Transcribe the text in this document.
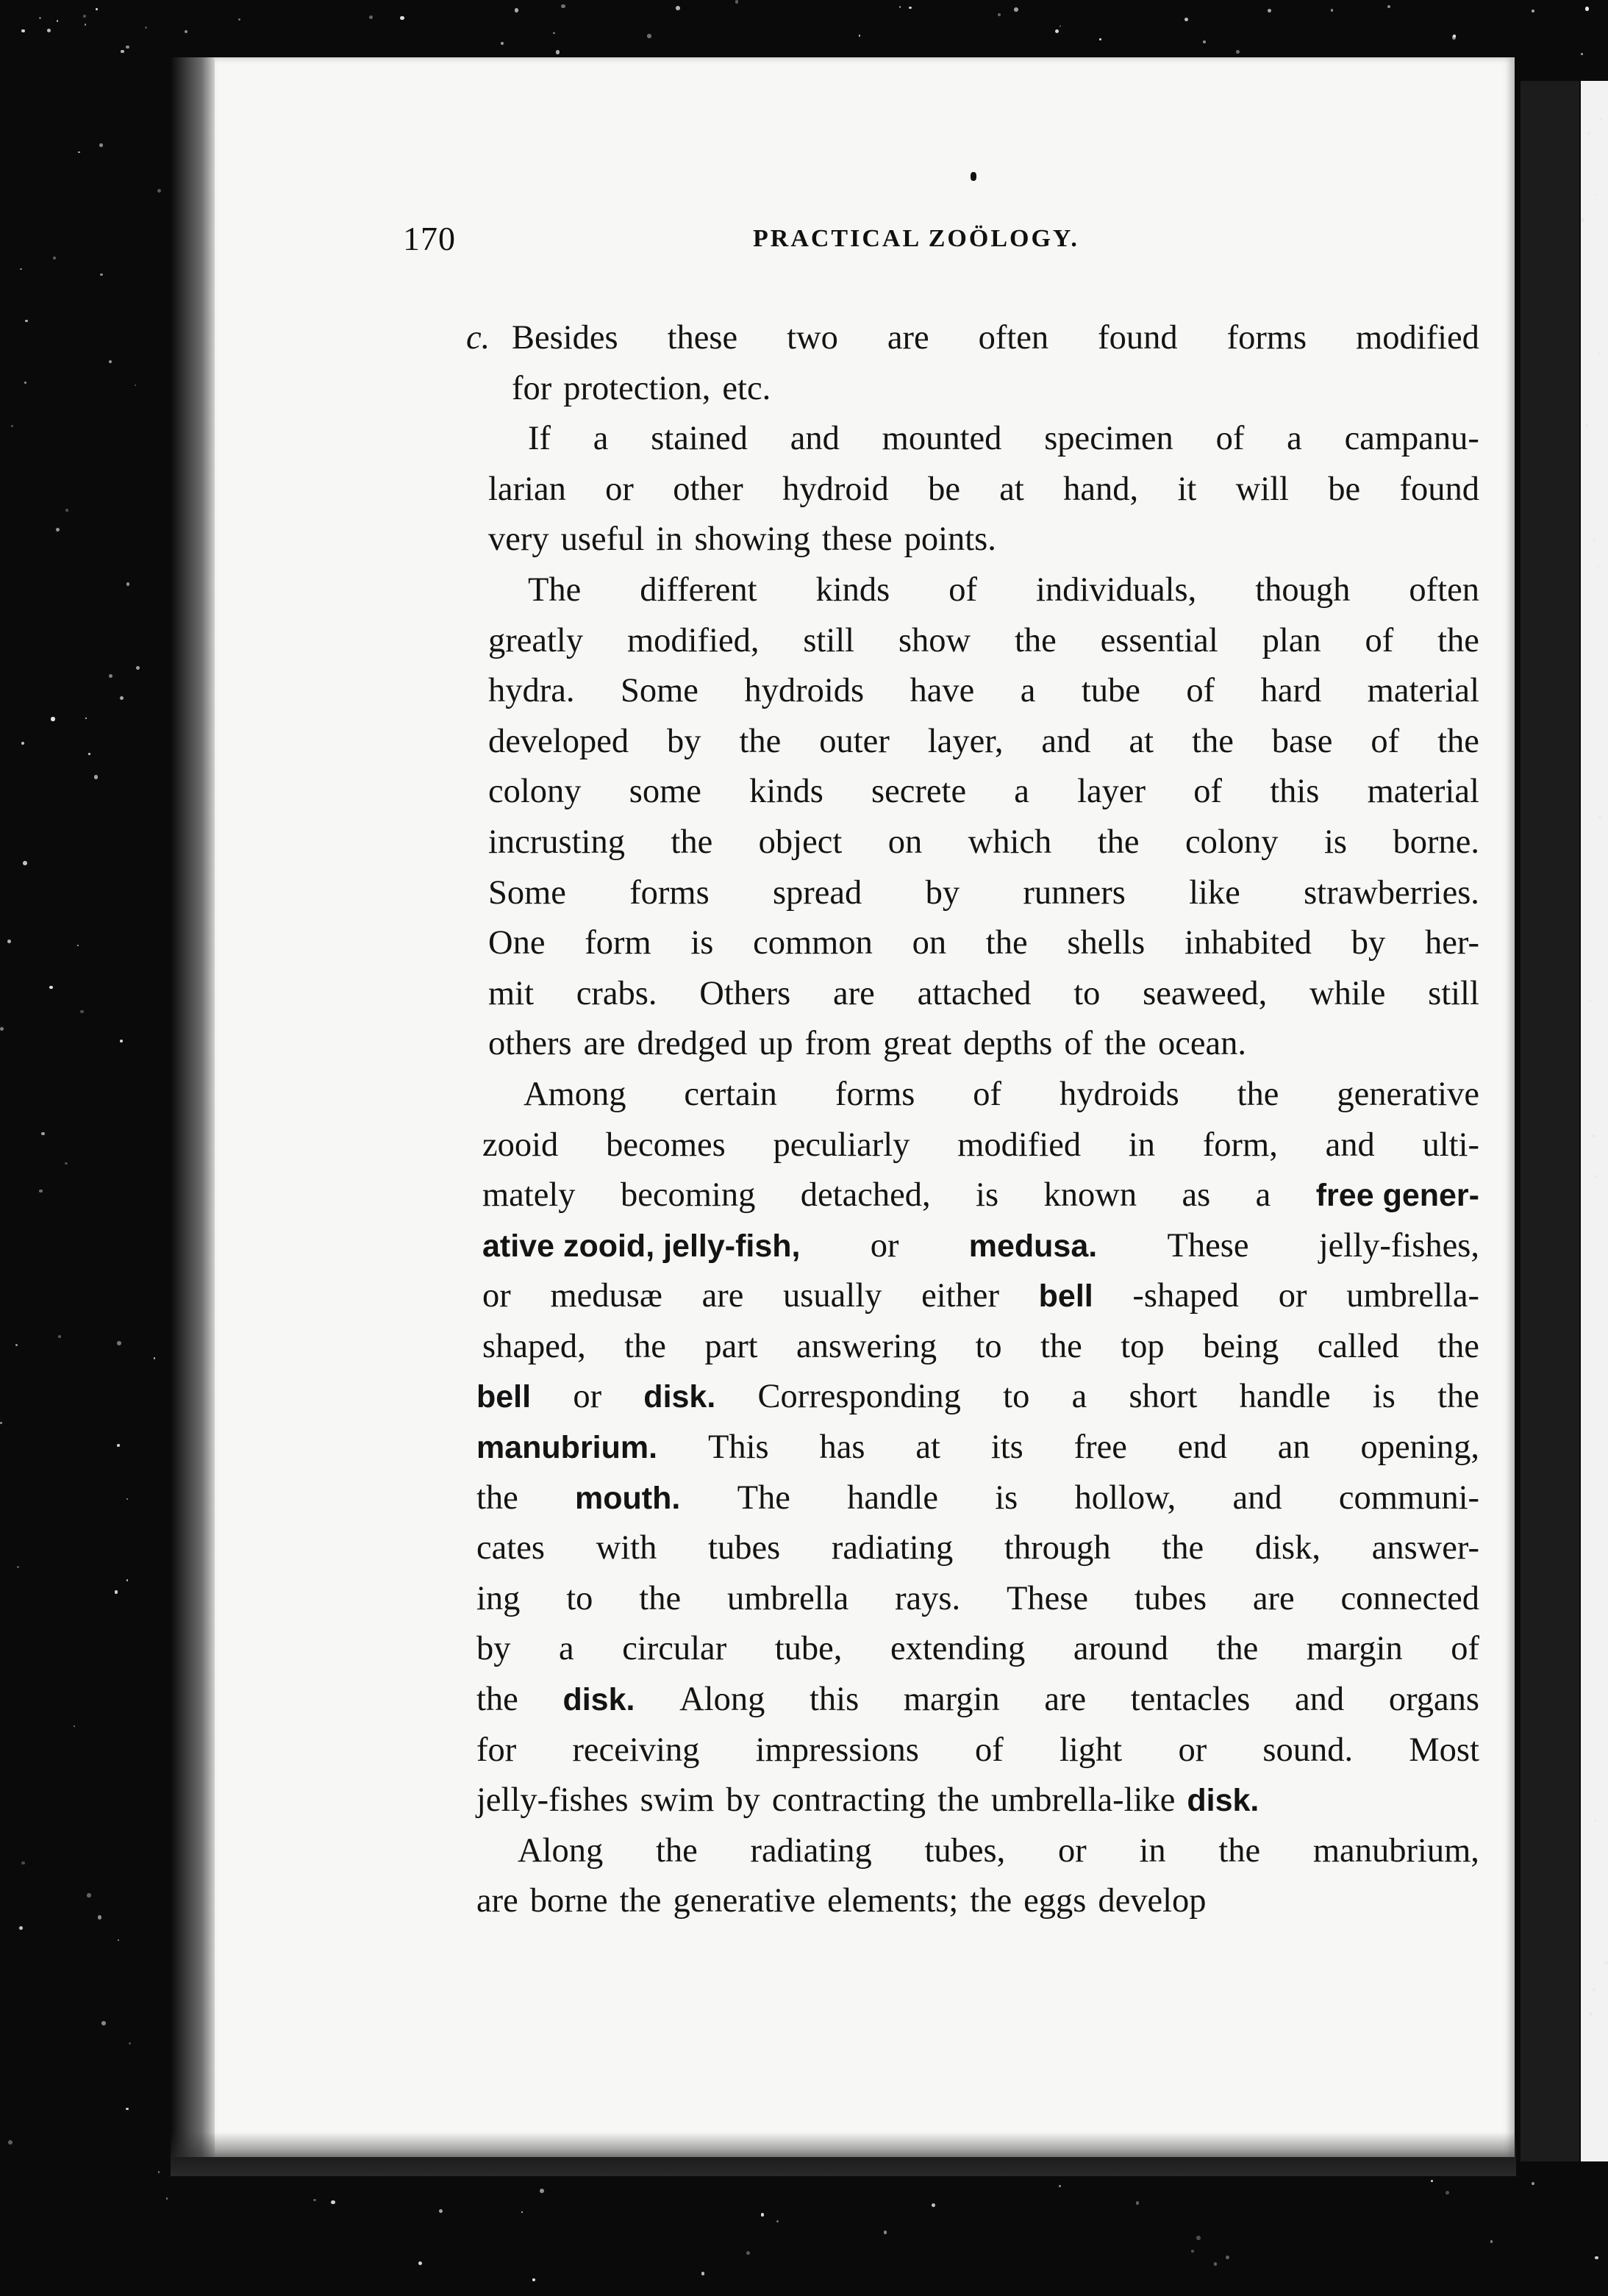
170	PRACTICAL ZOÖLOGY.
c. Besides these two are often found forms modified
for protection, etc.
If a stained and mounted specimen of a campanu-
larian or other hydroid be at hand, it will be found
very useful in showing these points.
The different kinds of individuals, though often
greatly modified, still show the essential plan of the
hydra. Some hydroids have a tube of hard material
developed by the outer layer, and at the base of the
colony some kinds secrete a layer of this material
incrusting the object on which the colony is borne.
Some forms spread by runners like strawberries.
One form is common on the shells inhabited by her-
mit crabs. Others are attached to seaweed, while still
others are dredged up from great depths of the ocean.
Among certain forms of hydroids the generative
zooid becomes peculiarly modified in form, and ulti-
mately becoming detached, is known as a free gener-
ative zooid, jelly-fish, or medusa. These jelly-fishes,
or medusæ are usually either bell -shaped or umbrella-
shaped, the part answering to the top being called the
bell or disk. Corresponding to a short handle is the
manubrium. This has at its free end an opening,
the mouth. The handle is hollow, and communi-
cates with tubes radiating through the disk, answer-
ing to the umbrella rays. These tubes are connected
by a circular tube, extending around the margin of
the disk. Along this margin are tentacles and organs
for receiving impressions of light or sound. Most
jelly-fishes swim by contracting the umbrella-like disk.
Along the radiating tubes, or in the manubrium,
are borne the generative elements; the eggs develop
